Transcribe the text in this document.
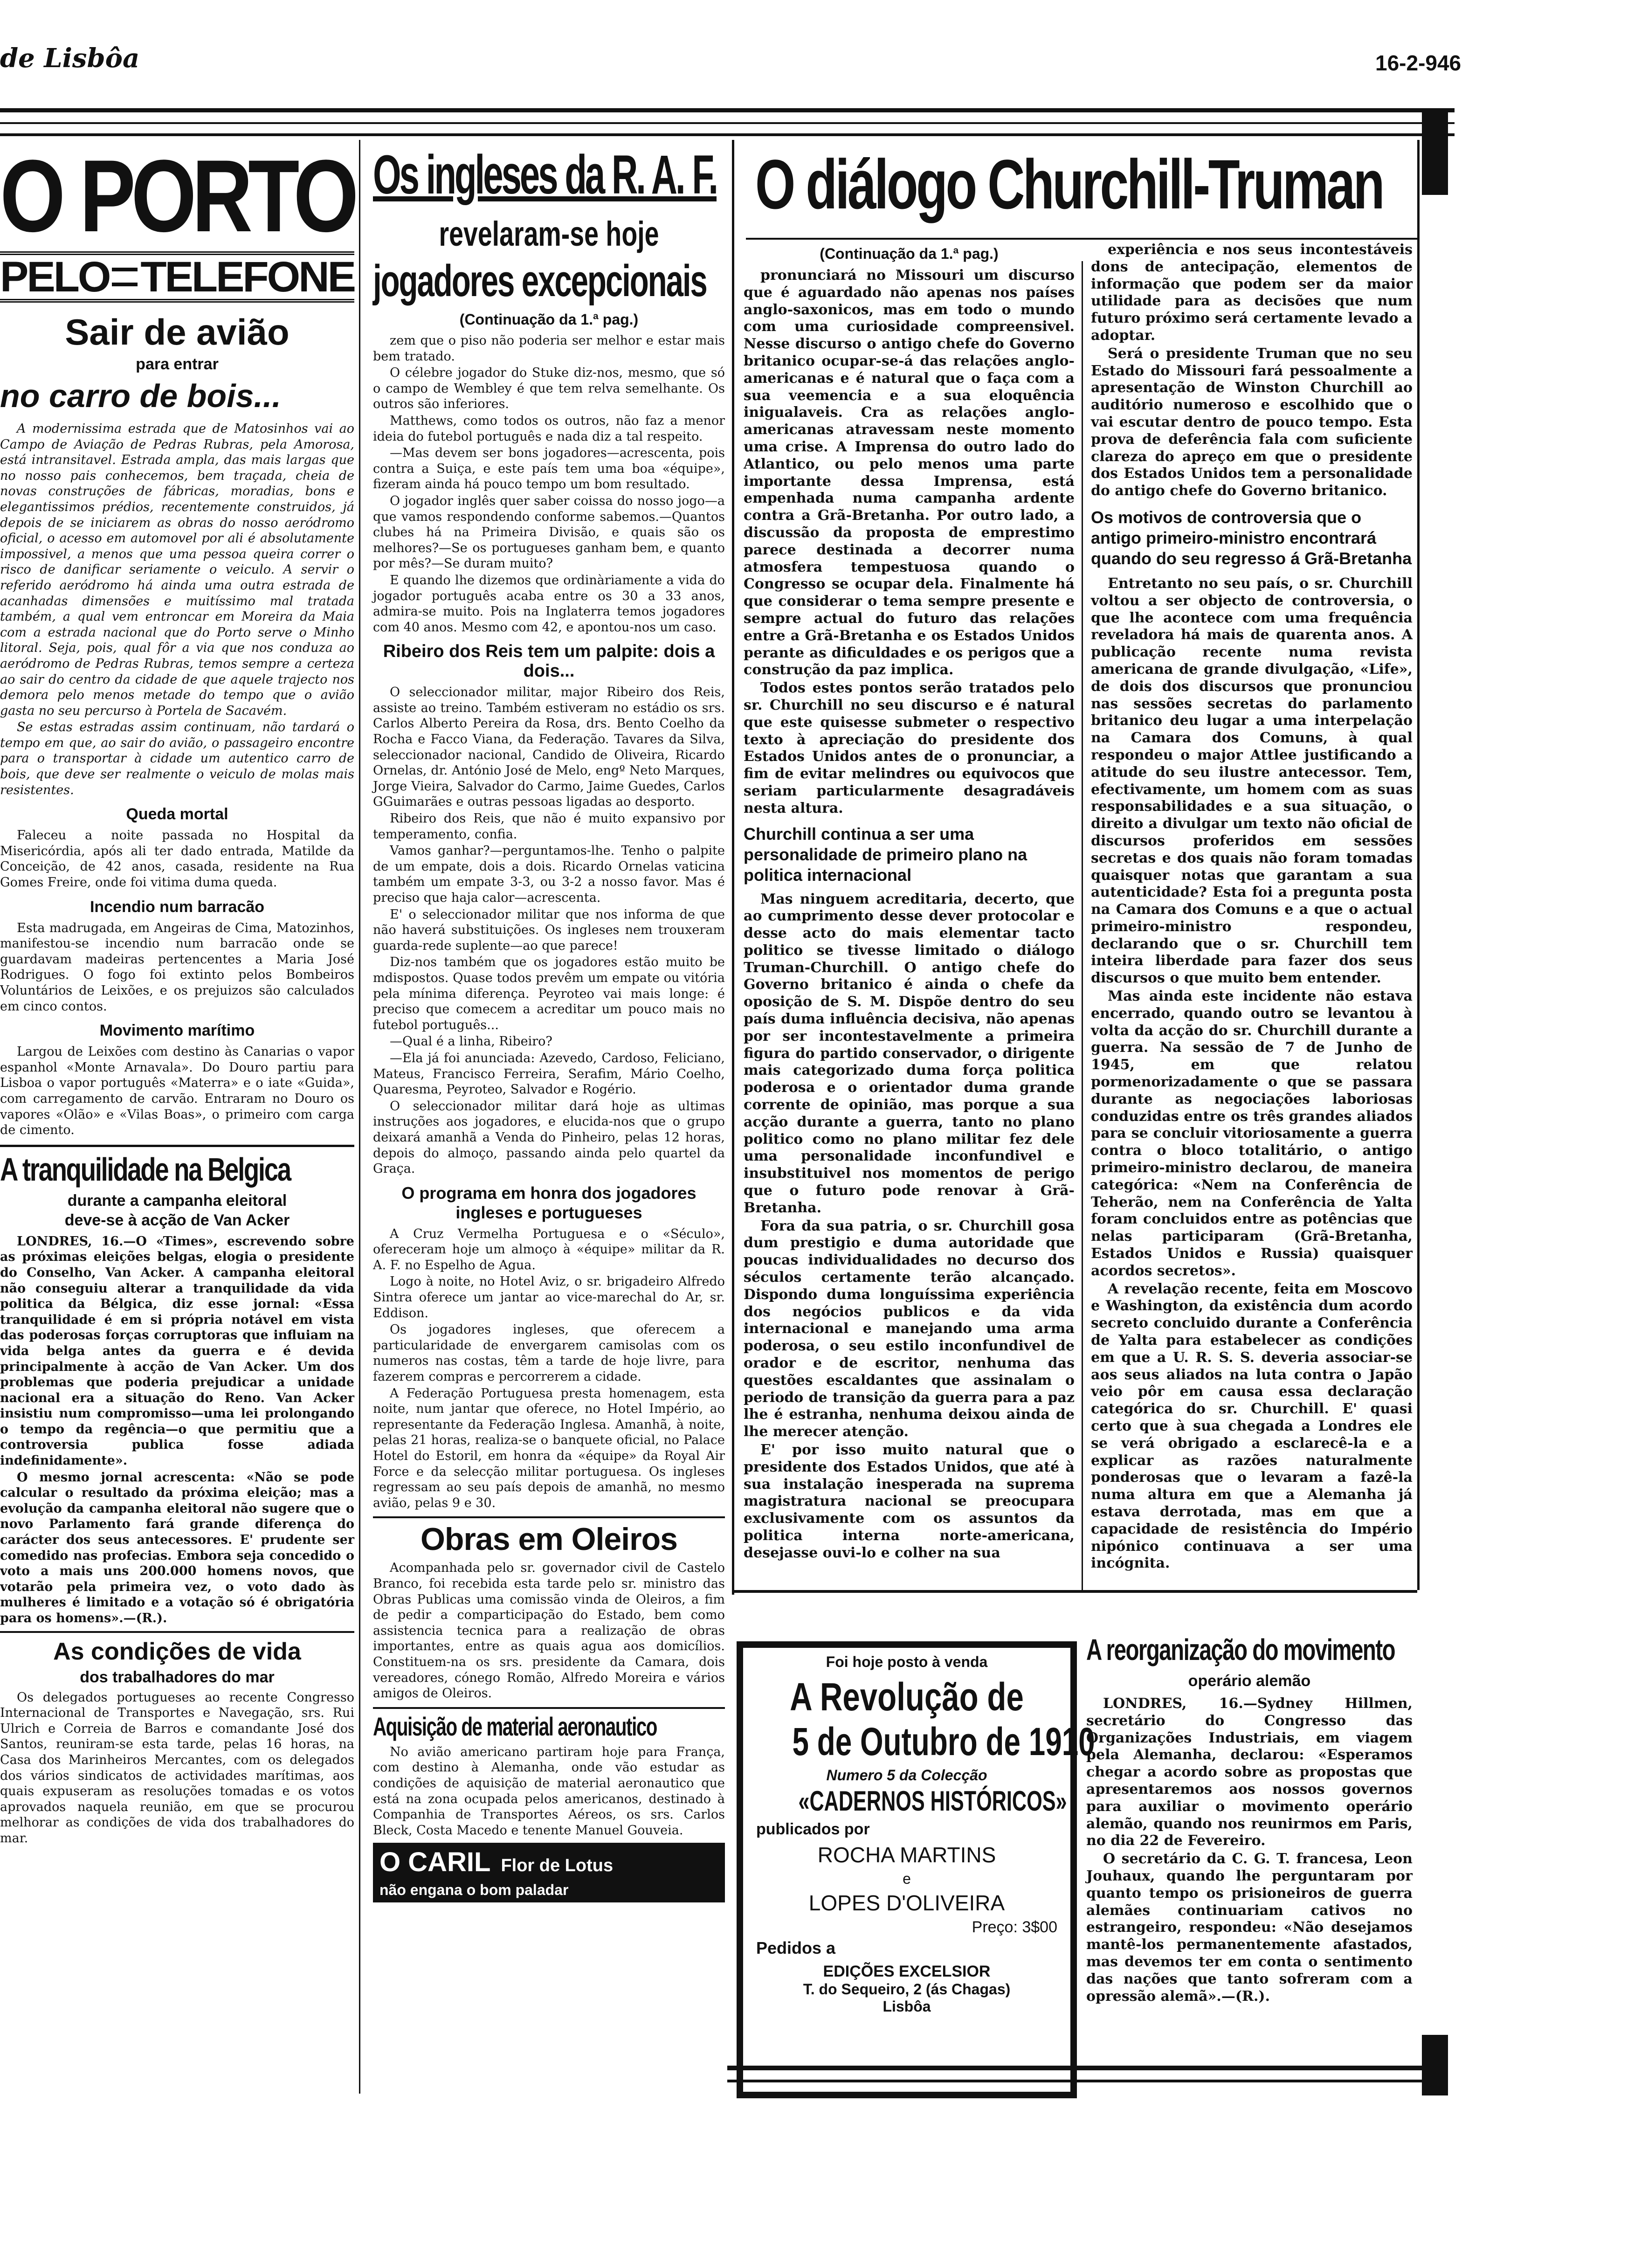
de Lisbôa	16-2-946
O PORTO
PELO TELEFONE
Sair de avião
para entrar
no carro de bois...

A modernissima estrada que de Matosinhos vai ao Campo de Aviação de Pedras Rubras, pela Amorosa, está intransitavel. Estrada ampla, das mais largas que no nosso pais conhecemos, bem traçada, cheia de novas construções de fábricas, moradias, bons e elegantissimos prédios, recentemente construidos, já depois de se iniciarem as obras do nosso aeródromo oficial, o acesso em automovel por ali é absolutamente impossivel, a menos que uma pessoa queira correr o risco de danificar seriamente o veiculo. A servir o referido aeródromo há ainda uma outra estrada de acanhadas dimensões e muitíssimo mal tratada também, a qual vem entroncar em Moreira da Maia com a estrada nacional que do Porto serve o Minho litoral. Seja, pois, qual fôr a via que nos conduza ao aeródromo de Pedras Rubras, temos sempre a certeza ao sair do centro da cidade de que aquele trajecto nos demora pelo menos metade do tempo que o avião gasta no seu percurso à Portela de Sacavém.

Se estas estradas assim continuam, não tardará o tempo em que, ao sair do avião, o passageiro encontre para o transportar à cidade um autentico carro de bois, que deve ser realmente o veiculo de molas mais resistentes.

Queda mortal

Faleceu a noite passada no Hospital da Misericórdia, após ali ter dado entrada, Matilde da Conceição, de 42 anos, casada, residente na Rua Gomes Freire, onde foi vitima duma queda.

Incendio num barracão

Esta madrugada, em Angeiras de Cima, Matozinhos, manifestou-se incendio num barracão onde se guardavam madeiras pertencentes a Maria José Rodrigues. O fogo foi extinto pelos Bombeiros Voluntários de Leixões, e os prejuizos são calculados em cinco contos.

Movimento marítimo

Largou de Leixões com destino às Canarias o vapor espanhol «Monte Arnavala». Do Douro partiu para Lisboa o vapor português «Materra» e o iate «Guida», com carregamento de carvão. Entraram no Douro os vapores «Olão» e «Vilas Boas», o primeiro com carga de cimento.

A tranquilidade na Belgica
durante a campanha eleitoral
deve-se à acção de Van Acker

LONDRES, 16.—O «Times», escrevendo sobre as próximas eleições belgas, elogia o presidente do Conselho, Van Acker. A campanha eleitoral não conseguiu alterar a tranquilidade da vida politica da Bélgica, diz esse jornal: «Essa tranquilidade é em si própria notável em vista das poderosas forças corruptoras que influiam na vida belga antes da guerra e é devida principalmente à acção de Van Acker. Um dos problemas que poderia prejudicar a unidade nacional era a situação do Reno. Van Acker insistiu num compromisso—uma lei prolongando o tempo da regência—o que permitiu que a controversia publica fosse adiada indefinidamente».

O mesmo jornal acrescenta: «Não se pode calcular o resultado da próxima eleição; mas a evolução da campanha eleitoral não sugere que o novo Parlamento fará grande diferença do carácter dos seus antecessores. E' prudente ser comedido nas profecias. Embora seja concedido o voto a mais uns 200.000 homens novos, que votarão pela primeira vez, o voto dado às mulheres é limitado e a votação só é obrigatória para os homens».—(R.).

As condições de vida
dos trabalhadores do mar

Os delegados portugueses ao recente Congresso Internacional de Transportes e Navegação, srs. Rui Ulrich e Correia de Barros e comandante José dos Santos, reuniram-se esta tarde, pelas 16 horas, na Casa dos Marinheiros Mercantes, com os delegados dos vários sindicatos de actividades marítimas, aos quais expuseram as resoluções tomadas e os votos aprovados naquela reunião, em que se procurou melhorar as condições de vida dos trabalhadores do mar.

Os ingleses da R. A. F.
revelaram-se hoje
jogadores excepcionais
(Continuação da 1.ª pag.)

zem que o piso não poderia ser melhor e estar mais bem tratado.

O célebre jogador do Stuke diz-nos, mesmo, que só o campo de Wembley é que tem relva semelhante. Os outros são inferiores.

Matthews, como todos os outros, não faz a menor ideia do futebol português e nada diz a tal respeito.

—Mas devem ser bons jogadores—acrescenta, pois contra a Suiça, e este país tem uma boa «équipe», fizeram ainda há pouco tempo um bom resultado.

O jogador inglês quer saber coissa do nosso jogo—a que vamos respondendo conforme sabemos.—Quantos clubes há na Primeira Divisão, e quais são os melhores?—Se os portugueses ganham bem, e quanto por mês?—Se duram muito?

E quando lhe dizemos que ordinàriamente a vida do jogador português acaba entre os 30 a 33 anos, admira-se muito. Pois na Inglaterra temos jogadores com 40 anos. Mesmo com 42, e apontou-nos um caso.

Ribeiro dos Reis tem um palpite: dois a dois...

O seleccionador militar, major Ribeiro dos Reis, assiste ao treino. Também estiveram no estádio os srs. Carlos Alberto Pereira da Rosa, drs. Bento Coelho da Rocha e Facco Viana, da Federação. Tavares da Silva, seleccionador nacional, Candido de Oliveira, Ricardo Ornelas, dr. António José de Melo, engº Neto Marques, Jorge Vieira, Salvador do Carmo, Jaime Guedes, Carlos GGuimarães e outras pessoas ligadas ao desporto.

Ribeiro dos Reis, que não é muito expansivo por temperamento, confia.

Vamos ganhar?—perguntamos-lhe. Tenho o palpite de um empate, dois a dois. Ricardo Ornelas vaticina também um empate 3-3, ou 3-2 a nosso favor. Mas é preciso que haja calor—acrescenta.

E' o seleccionador militar que nos informa de que não haverá substituições. Os ingleses nem trouxeram guarda-rede suplente—ao que parece!

Diz-nos também que os jogadores estão muito be mdispostos. Quase todos prevêm um empate ou vitória pela mínima diferença. Peyroteo vai mais longe: é preciso que comecem a acreditar um pouco mais no futebol português...

—Qual é a linha, Ribeiro?

—Ela já foi anunciada: Azevedo, Cardoso, Feliciano, Mateus, Francisco Ferreira, Serafim, Mário Coelho, Quaresma, Peyroteo, Salvador e Rogério.

O seleccionador militar dará hoje as ultimas instruções aos jogadores, e elucida-nos que o grupo deixará amanhã a Venda do Pinheiro, pelas 12 horas, depois do almoço, passando ainda pelo quartel da Graça.

O programa em honra dos jogadores ingleses e portugueses

A Cruz Vermelha Portuguesa e o «Século», ofereceram hoje um almoço à «équipe» militar da R. A. F. no Espelho de Agua.

Logo à noite, no Hotel Aviz, o sr. brigadeiro Alfredo Sintra oferece um jantar ao vice-marechal do Ar, sr. Eddison.

Os jogadores ingleses, que oferecem a particularidade de envergarem camisolas com os numeros nas costas, têm a tarde de hoje livre, para fazerem compras e percorrerem a cidade.

A Federação Portuguesa presta homenagem, esta noite, num jantar que oferece, no Hotel Império, ao representante da Federação Inglesa. Amanhã, à noite, pelas 21 horas, realiza-se o banquete oficial, no Palace Hotel do Estoril, em honra da «équipe» da Royal Air Force e da selecção militar portuguesa. Os ingleses regressam ao seu país depois de amanhã, no mesmo avião, pelas 9 e 30.

Obras em Oleiros

Acompanhada pelo sr. governador civil de Castelo Branco, foi recebida esta tarde pelo sr. ministro das Obras Publicas uma comissão vinda de Oleiros, a fim de pedir a comparticipação do Estado, bem como assistencia tecnica para a realização de obras importantes, entre as quais agua aos domicílios. Constituem-na os srs. presidente da Camara, dois vereadores, cónego Romão, Alfredo Moreira e vários amigos de Oleiros.

Aquisição de material aeronautico

No avião americano partiram hoje para França, com destino à Alemanha, onde vão estudar as condições de aquisição de material aeronautico que está na zona ocupada pelos americanos, destinado à Companhia de Transportes Aéreos, os srs. Carlos Bleck, Costa Macedo e tenente Manuel Gouveia.

O CARIL Flor de Lotus
não engana o bom paladar
O diálogo Churchill-Truman
(Continuação da 1.ª pag.)

pronunciará no Missouri um discurso que é aguardado não apenas nos países anglo-saxonicos, mas em todo o mundo com uma curiosidade compreensivel. Nesse discurso o antigo chefe do Governo britanico ocupar-se-á das relações anglo-americanas e é natural que o faça com a sua veemencia e a sua eloquência inigualaveis. Cra as relações anglo-americanas atravessam neste momento uma crise. A Imprensa do outro lado do Atlantico, ou pelo menos uma parte importante dessa Imprensa, está empenhada numa campanha ardente contra a Grã-Bretanha. Por outro lado, a discussão da proposta de emprestimo parece destinada a decorrer numa atmosfera tempestuosa quando o Congresso se ocupar dela. Finalmente há que considerar o tema sempre presente e sempre actual do futuro das relações entre a Grã-Bretanha e os Estados Unidos perante as dificuldades e os perigos que a construção da paz implica.

Todos estes pontos serão tratados pelo sr. Churchill no seu discurso e é natural que este quisesse submeter o respectivo texto à apreciação do presidente dos Estados Unidos antes de o pronunciar, a fim de evitar melindres ou equivocos que seriam particularmente desagradáveis nesta altura.

Churchill continua a ser uma personalidade de primeiro plano na politica internacional

Mas ninguem acreditaria, decerto, que ao cumprimento desse dever protocolar e desse acto do mais elementar tacto politico se tivesse limitado o diálogo Truman-Churchill. O antigo chefe do Governo britanico é ainda o chefe da oposição de S. M. Dispõe dentro do seu país duma influência decisiva, não apenas por ser incontestavelmente a primeira figura do partido conservador, o dirigente mais categorizado duma força politica poderosa e o orientador duma grande corrente de opinião, mas porque a sua acção durante a guerra, tanto no plano politico como no plano militar fez dele uma personalidade inconfundivel e insubstituivel nos momentos de perigo que o futuro pode renovar à Grã-Bretanha.

Fora da sua patria, o sr. Churchill gosa dum prestigio e duma autoridade que poucas individualidades no decurso dos séculos certamente terão alcançado. Dispondo duma longuíssima experiência dos negócios publicos e da vida internacional e manejando uma arma poderosa, o seu estilo inconfundivel de orador e de escritor, nenhuma das questões escaldantes que assinalam o periodo de transição da guerra para a paz lhe é estranha, nenhuma deixou ainda de lhe merecer atenção.

E' por isso muito natural que o presidente dos Estados Unidos, que até à sua instalação inesperada na suprema magistratura nacional se preocupara exclusivamente com os assuntos da politica interna norte-americana, desejasse ouvi-lo e colher na sua

experiência e nos seus incontestáveis dons de antecipação, elementos de informação que podem ser da maior utilidade para as decisões que num futuro próximo será certamente levado a adoptar.

Será o presidente Truman que no seu Estado do Missouri fará pessoalmente a apresentação de Winston Churchill ao auditório numeroso e escolhido que o vai escutar dentro de pouco tempo. Esta prova de deferência fala com suficiente clareza do apreço em que o presidente dos Estados Unidos tem a personalidade do antigo chefe do Governo britanico.

Os motivos de controversia que o antigo primeiro-ministro encontrará quando do seu regresso á Grã-Bretanha

Entretanto no seu país, o sr. Churchill voltou a ser objecto de controversia, o que lhe acontece com uma frequência reveladora há mais de quarenta anos. A publicação recente numa revista americana de grande divulgação, «Life», de dois dos discursos que pronunciou nas sessões secretas do parlamento britanico deu lugar a uma interpelação na Camara dos Comuns, à qual respondeu o major Attlee justificando a atitude do seu ilustre antecessor. Tem, efectivamente, um homem com as suas responsabilidades e a sua situação, o direito a divulgar um texto não oficial de discursos proferidos em sessões secretas e dos quais não foram tomadas quaisquer notas que garantam a sua autenticidade? Esta foi a pregunta posta na Camara dos Comuns e a que o actual primeiro-ministro respondeu, declarando que o sr. Churchill tem inteira liberdade para fazer dos seus discursos o que muito bem entender.

Mas ainda este incidente não estava encerrado, quando outro se levantou à volta da acção do sr. Churchill durante a guerra. Na sessão de 7 de Junho de 1945, em que relatou pormenorizadamente o que se passara durante as negociações laboriosas conduzidas entre os três grandes aliados para se concluir vitoriosamente a guerra contra o bloco totalitário, o antigo primeiro-ministro declarou, de maneira categórica: «Nem na Conferência de Teherão, nem na Conferência de Yalta foram concluidos entre as potências que nelas participaram (Grã-Bretanha, Estados Unidos e Russia) quaisquer acordos secretos».

A revelação recente, feita em Moscovo e Washington, da existência dum acordo secreto concluido durante a Conferência de Yalta para estabelecer as condições em que a U. R. S. S. deveria associar-se aos seus aliados na luta contra o Japão veio pôr em causa essa declaração categórica do sr. Churchill. E' quasi certo que à sua chegada a Londres ele se verá obrigado a esclarecê-la e a explicar as razões naturalmente ponderosas que o levaram a fazê-la numa altura em que a Alemanha já estava derrotada, mas em que a capacidade de resistência do Império nipónico continuava a ser uma incógnita.

Foi hoje posto à venda
A Revolução de
5 de Outubro de 1910
Numero 5 da Colecção
«CADERNOS HISTÓRICOS»
publicados por
ROCHA MARTINS
e
LOPES D'OLIVEIRA
Preço: 3$00
Pedidos a
EDIÇÕES EXCELSIOR
T. do Sequeiro, 2 (ás Chagas)
Lisbôa
A reorganização do movimento
operário alemão

LONDRES, 16.—Sydney Hillmen, secretário do Congresso das Organizações Industriais, em viagem pela Alemanha, declarou: «Esperamos chegar a acordo sobre as propostas que apresentaremos aos nossos governos para auxiliar o movimento operário alemão, quando nos reunirmos em Paris, no dia 22 de Fevereiro.

O secretário da C. G. T. francesa, Leon Jouhaux, quando lhe perguntaram por quanto tempo os prisioneiros de guerra alemães continuariam cativos no estrangeiro, respondeu: «Não desejamos mantê-los permanentemente afastados, mas devemos ter em conta o sentimento das nações que tanto sofreram com a opressão alemã».—(R.).
